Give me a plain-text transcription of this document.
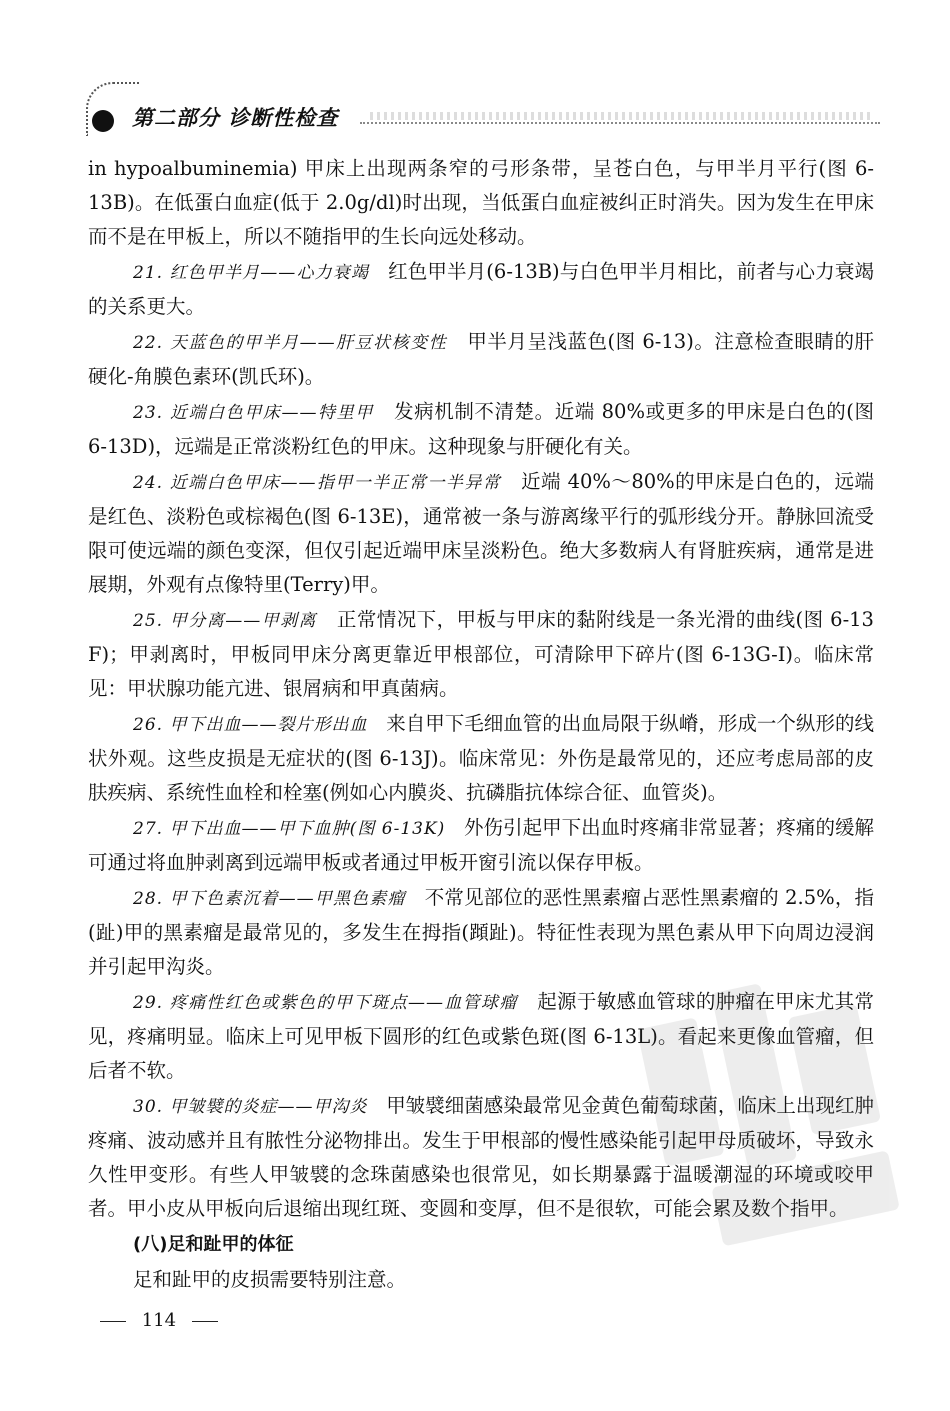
第二部分 诊断性检查

in hypoalbuminemia) 甲床上出现两条窄的弓形条带，呈苍白色，与甲半月平行(图 6-13B)。在低蛋白血症(低于 2.0g/dl)时出现，当低蛋白血症被纠正时消失。因为发生在甲床而不是在甲板上，所以不随指甲的生长向远处移动。

21. 红色甲半月——心力衰竭 红色甲半月(6-13B)与白色甲半月相比，前者与心力衰竭的关系更大。

22. 天蓝色的甲半月——肝豆状核变性 甲半月呈浅蓝色(图 6-13)。注意检查眼睛的肝硬化-角膜色素环(凯氏环)。

23. 近端白色甲床——特里甲 发病机制不清楚。近端 80%或更多的甲床是白色的(图 6-13D)，远端是正常淡粉红色的甲床。这种现象与肝硬化有关。

24. 近端白色甲床——指甲一半正常一半异常 近端 40%～80%的甲床是白色的，远端是红色、淡粉色或棕褐色(图 6-13E)，通常被一条与游离缘平行的弧形线分开。静脉回流受限可使远端的颜色变深，但仅引起近端甲床呈淡粉色。绝大多数病人有肾脏疾病，通常是进展期，外观有点像特里(Terry)甲。

25. 甲分离——甲剥离 正常情况下，甲板与甲床的黏附线是一条光滑的曲线(图 6-13 F)；甲剥离时，甲板同甲床分离更靠近甲根部位，可清除甲下碎片(图 6-13G-I)。临床常见：甲状腺功能亢进、银屑病和甲真菌病。

26. 甲下出血——裂片形出血 来自甲下毛细血管的出血局限于纵嵴，形成一个纵形的线状外观。这些皮损是无症状的(图 6-13J)。临床常见：外伤是最常见的，还应考虑局部的皮肤疾病、系统性血栓和栓塞(例如心内膜炎、抗磷脂抗体综合征、血管炎)。

27. 甲下出血——甲下血肿(图 6-13K) 外伤引起甲下出血时疼痛非常显著；疼痛的缓解可通过将血肿剥离到远端甲板或者通过甲板开窗引流以保存甲板。

28. 甲下色素沉着——甲黑色素瘤 不常见部位的恶性黑素瘤占恶性黑素瘤的 2.5%，指(趾)甲的黑素瘤是最常见的，多发生在拇指(蹞趾)。特征性表现为黑色素从甲下向周边浸润并引起甲沟炎。

29. 疼痛性红色或紫色的甲下斑点——血管球瘤 起源于敏感血管球的肿瘤在甲床尤其常见，疼痛明显。临床上可见甲板下圆形的红色或紫色斑(图 6-13L)。看起来更像血管瘤，但后者不软。

30. 甲皱襞的炎症——甲沟炎 甲皱襞细菌感染最常见金黄色葡萄球菌，临床上出现红肿疼痛、波动感并且有脓性分泌物排出。发生于甲根部的慢性感染能引起甲母质破坏，导致永久性甲变形。有些人甲皱襞的念珠菌感染也很常见，如长期暴露于温暖潮湿的环境或咬甲者。甲小皮从甲板向后退缩出现红斑、变圆和变厚，但不是很软，可能会累及数个指甲。

(八)足和趾甲的体征

足和趾甲的皮损需要特别注意。

114
